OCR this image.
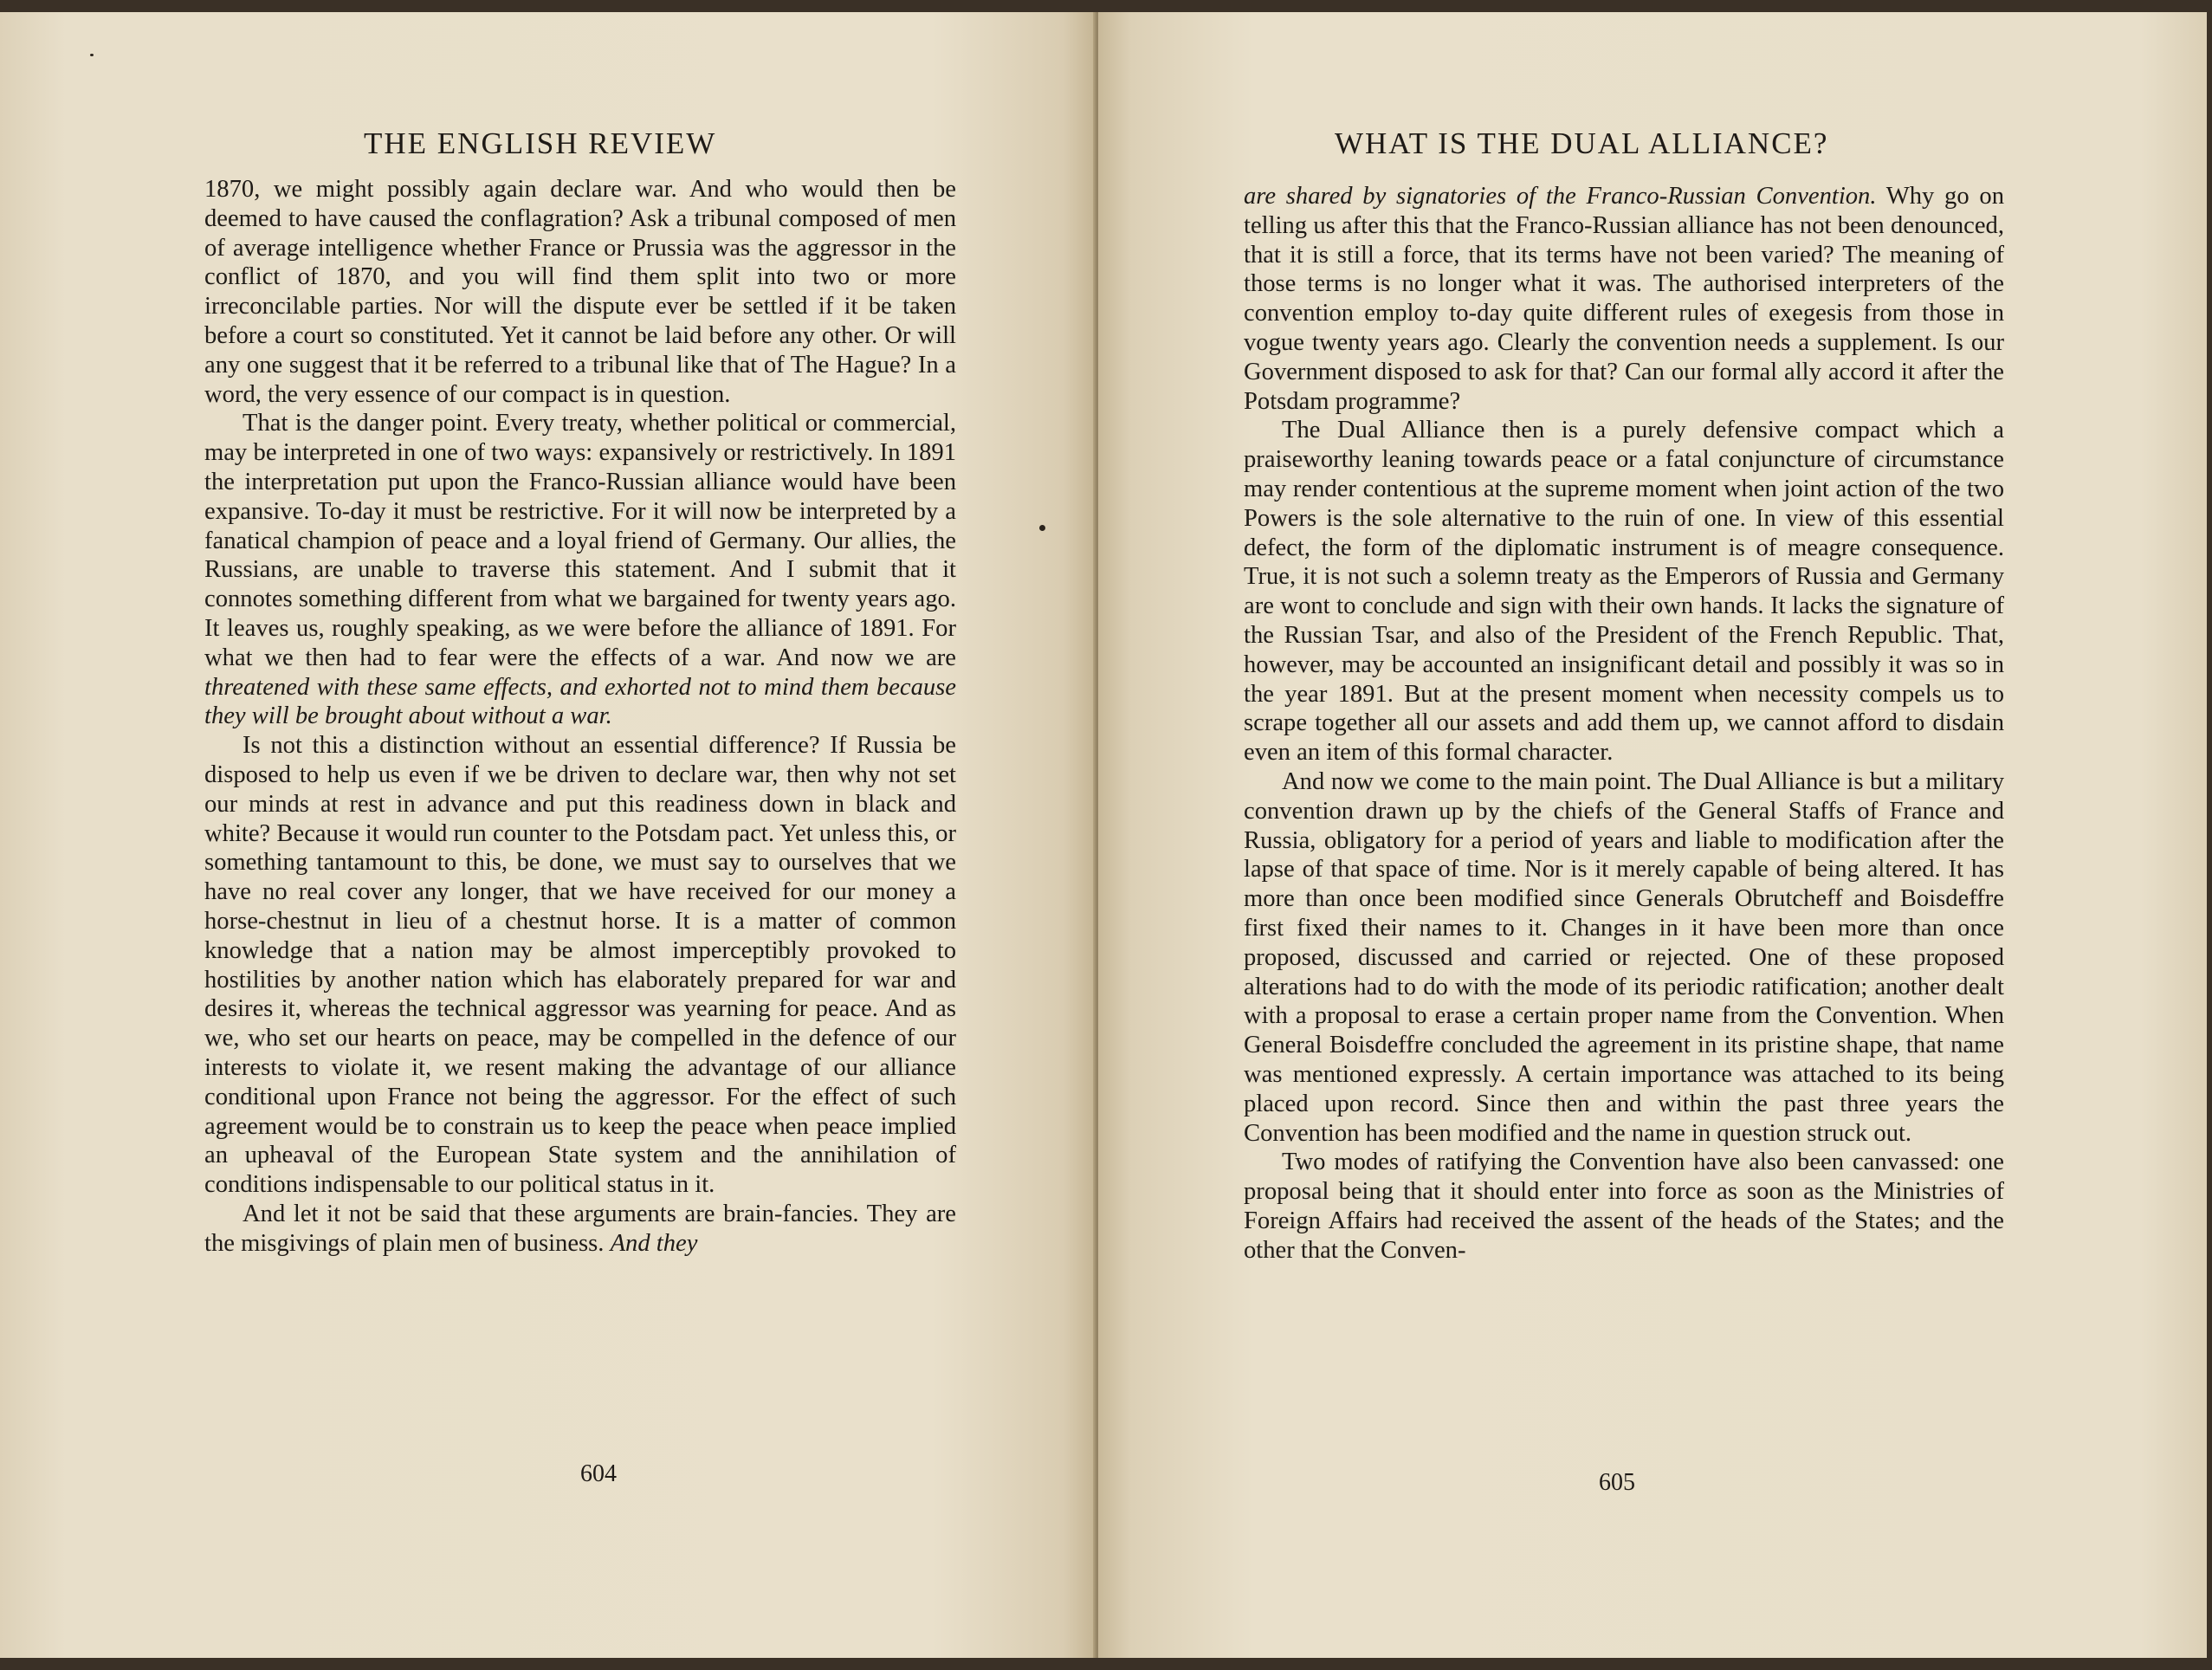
THE ENGLISH REVIEW

1870, we might possibly again declare war. And who would then be deemed to have caused the conflagration? Ask a tribunal composed of men of average intelligence whether France or Prussia was the aggressor in the conflict of 1870, and you will find them split into two or more irreconcilable parties. Nor will the dispute ever be settled if it be taken before a court so constituted. Yet it cannot be laid before any other. Or will any one suggest that it be referred to a tribunal like that of The Hague? In a word, the very essence of our compact is in question.

That is the danger point. Every treaty, whether political or commercial, may be interpreted in one of two ways: expansively or restrictively. In 1891 the interpretation put upon the Franco-Russian alliance would have been expansive. To-day it must be restrictive. For it will now be interpreted by a fanatical champion of peace and a loyal friend of Germany. Our allies, the Russians, are unable to traverse this statement. And I submit that it connotes something different from what we bargained for twenty years ago. It leaves us, roughly speaking, as we were before the alliance of 1891. For what we then had to fear were the effects of a war. And now we are threatened with these same effects, and exhorted not to mind them because they will be brought about without a war.

Is not this a distinction without an essential difference? If Russia be disposed to help us even if we be driven to declare war, then why not set our minds at rest in advance and put this readiness down in black and white? Because it would run counter to the Potsdam pact. Yet unless this, or something tantamount to this, be done, we must say to ourselves that we have no real cover any longer, that we have received for our money a horse-chestnut in lieu of a chestnut horse. It is a matter of common knowledge that a nation may be almost imperceptibly provoked to hostilities by another nation which has elaborately prepared for war and desires it, whereas the technical aggressor was yearning for peace. And as we, who set our hearts on peace, may be compelled in the defence of our interests to violate it, we resent making the advantage of our alliance conditional upon France not being the aggressor. For the effect of such agreement would be to constrain us to keep the peace when peace implied an upheaval of the European State system and the annihilation of conditions indispensable to our political status in it.

And let it not be said that these arguments are brain-fancies. They are the misgivings of plain men of business. And they

604
WHAT IS THE DUAL ALLIANCE?

are shared by signatories of the Franco-Russian Convention. Why go on telling us after this that the Franco-Russian alliance has not been denounced, that it is still a force, that its terms have not been varied? The meaning of those terms is no longer what it was. The authorised interpreters of the convention employ to-day quite different rules of exegesis from those in vogue twenty years ago. Clearly the convention needs a supplement. Is our Government disposed to ask for that? Can our formal ally accord it after the Potsdam programme?

The Dual Alliance then is a purely defensive compact which a praiseworthy leaning towards peace or a fatal conjuncture of circumstance may render contentious at the supreme moment when joint action of the two Powers is the sole alternative to the ruin of one. In view of this essential defect, the form of the diplomatic instrument is of meagre consequence. True, it is not such a solemn treaty as the Emperors of Russia and Germany are wont to conclude and sign with their own hands. It lacks the signature of the Russian Tsar, and also of the President of the French Republic. That, however, may be accounted an insignificant detail and possibly it was so in the year 1891. But at the present moment when necessity compels us to scrape together all our assets and add them up, we cannot afford to disdain even an item of this formal character.

And now we come to the main point. The Dual Alliance is but a military convention drawn up by the chiefs of the General Staffs of France and Russia, obligatory for a period of years and liable to modification after the lapse of that space of time. Nor is it merely capable of being altered. It has more than once been modified since Generals Obrutcheff and Boisdeffre first fixed their names to it. Changes in it have been more than once proposed, discussed and carried or rejected. One of these proposed alterations had to do with the mode of its periodic ratification; another dealt with a proposal to erase a certain proper name from the Convention. When General Boisdeffre concluded the agreement in its pristine shape, that name was mentioned expressly. A certain importance was attached to its being placed upon record. Since then and within the past three years the Convention has been modified and the name in question struck out.

Two modes of ratifying the Convention have also been canvassed: one proposal being that it should enter into force as soon as the Ministries of Foreign Affairs had received the assent of the heads of the States; and the other that the Conven-

605
